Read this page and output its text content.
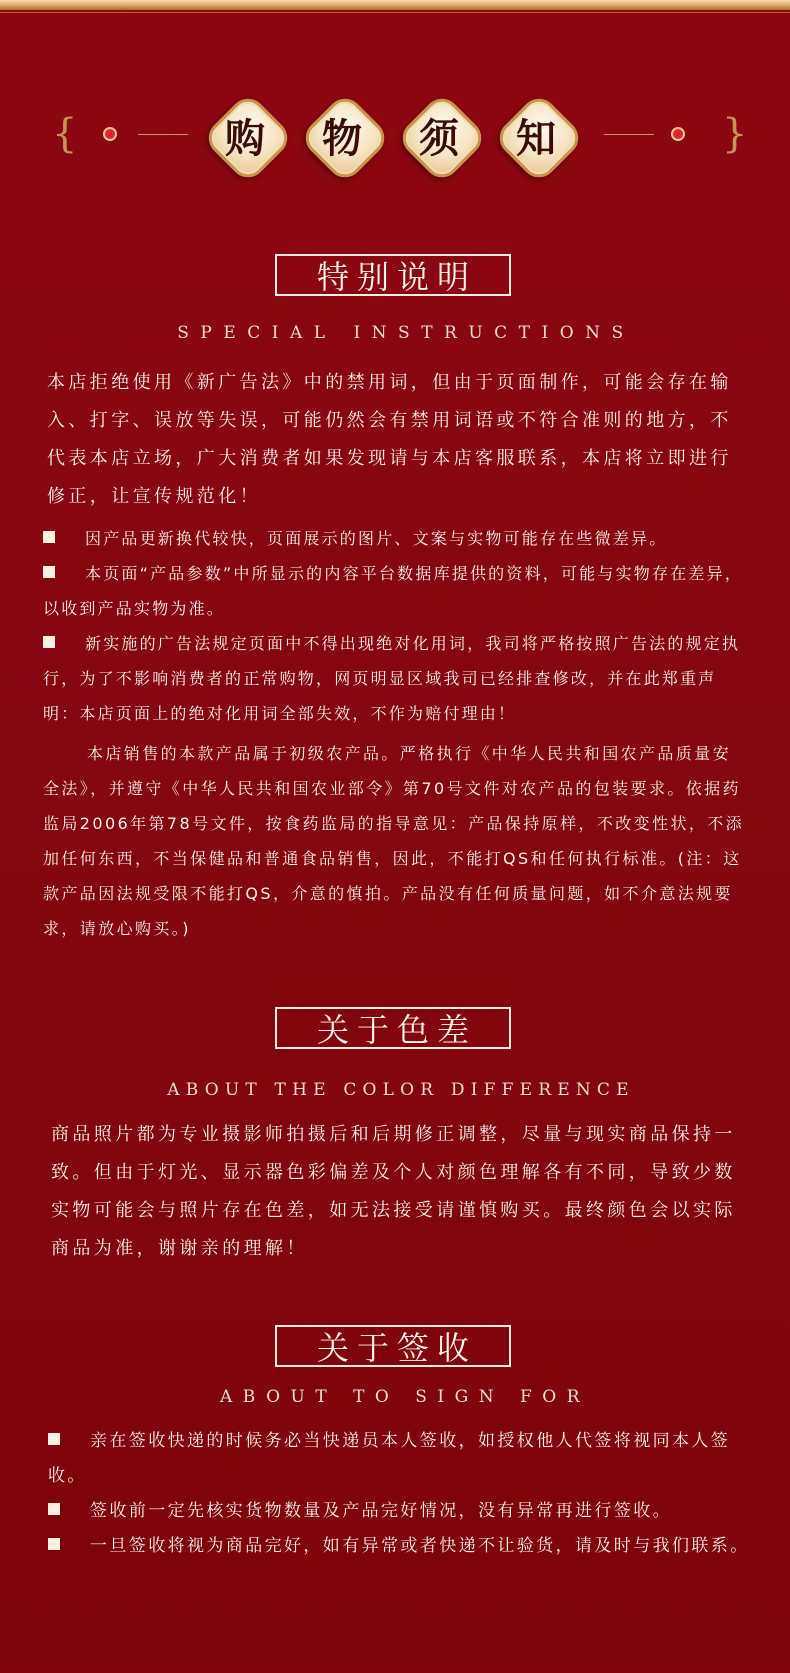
{	购 物 须 知	}
特别说明
SPECIAL INSTRUCTIONS

本店拒绝使用《新广告法》中的禁用词，但由于页面制作，可能会存在输入、打字、误放等失误，可能仍然会有禁用词语或不符合准则的地方，不代表本店立场，广大消费者如果发现请与本店客服联系，本店将立即进行修正，让宣传规范化！

因产品更新换代较快，页面展示的图片、文案与实物可能存在些微差异。

本页面“产品参数”中所显示的内容平台数据库提供的资料，可能与实物存在差异，以收到产品实物为准。

新实施的广告法规定页面中不得出现绝对化用词，我司将严格按照广告法的规定执行，为了不影响消费者的正常购物，网页明显区域我司已经排查修改，并在此郑重声明：本店页面上的绝对化用词全部失效，不作为赔付理由！

本店销售的本款产品属于初级农产品。严格执行《中华人民共和国农产品质量安全法》，并遵守《中华人民共和国农业部令》第70号文件对农产品的包装要求。依据药监局2006年第78号文件，按食药监局的指导意见：产品保持原样，不改变性状，不添加任何东西，不当保健品和普通食品销售，因此，不能打QS和任何执行标准。(注：这款产品因法规受限不能打QS，介意的慎拍。产品没有任何质量问题，如不介意法规要求，请放心购买。)

关于色差
ABOUT THE COLOR DIFFERENCE

商品照片都为专业摄影师拍摄后和后期修正调整，尽量与现实商品保持一致。但由于灯光、显示器色彩偏差及个人对颜色理解各有不同，导致少数实物可能会与照片存在色差，如无法接受请谨慎购买。最终颜色会以实际商品为准，谢谢亲的理解！

关于签收
ABOUT TO SIGN FOR

亲在签收快递的时候务必当快递员本人签收，如授权他人代签将视同本人签收。

签收前一定先核实货物数量及产品完好情况，没有异常再进行签收。

一旦签收将视为商品完好，如有异常或者快递不让验货，请及时与我们联系。
